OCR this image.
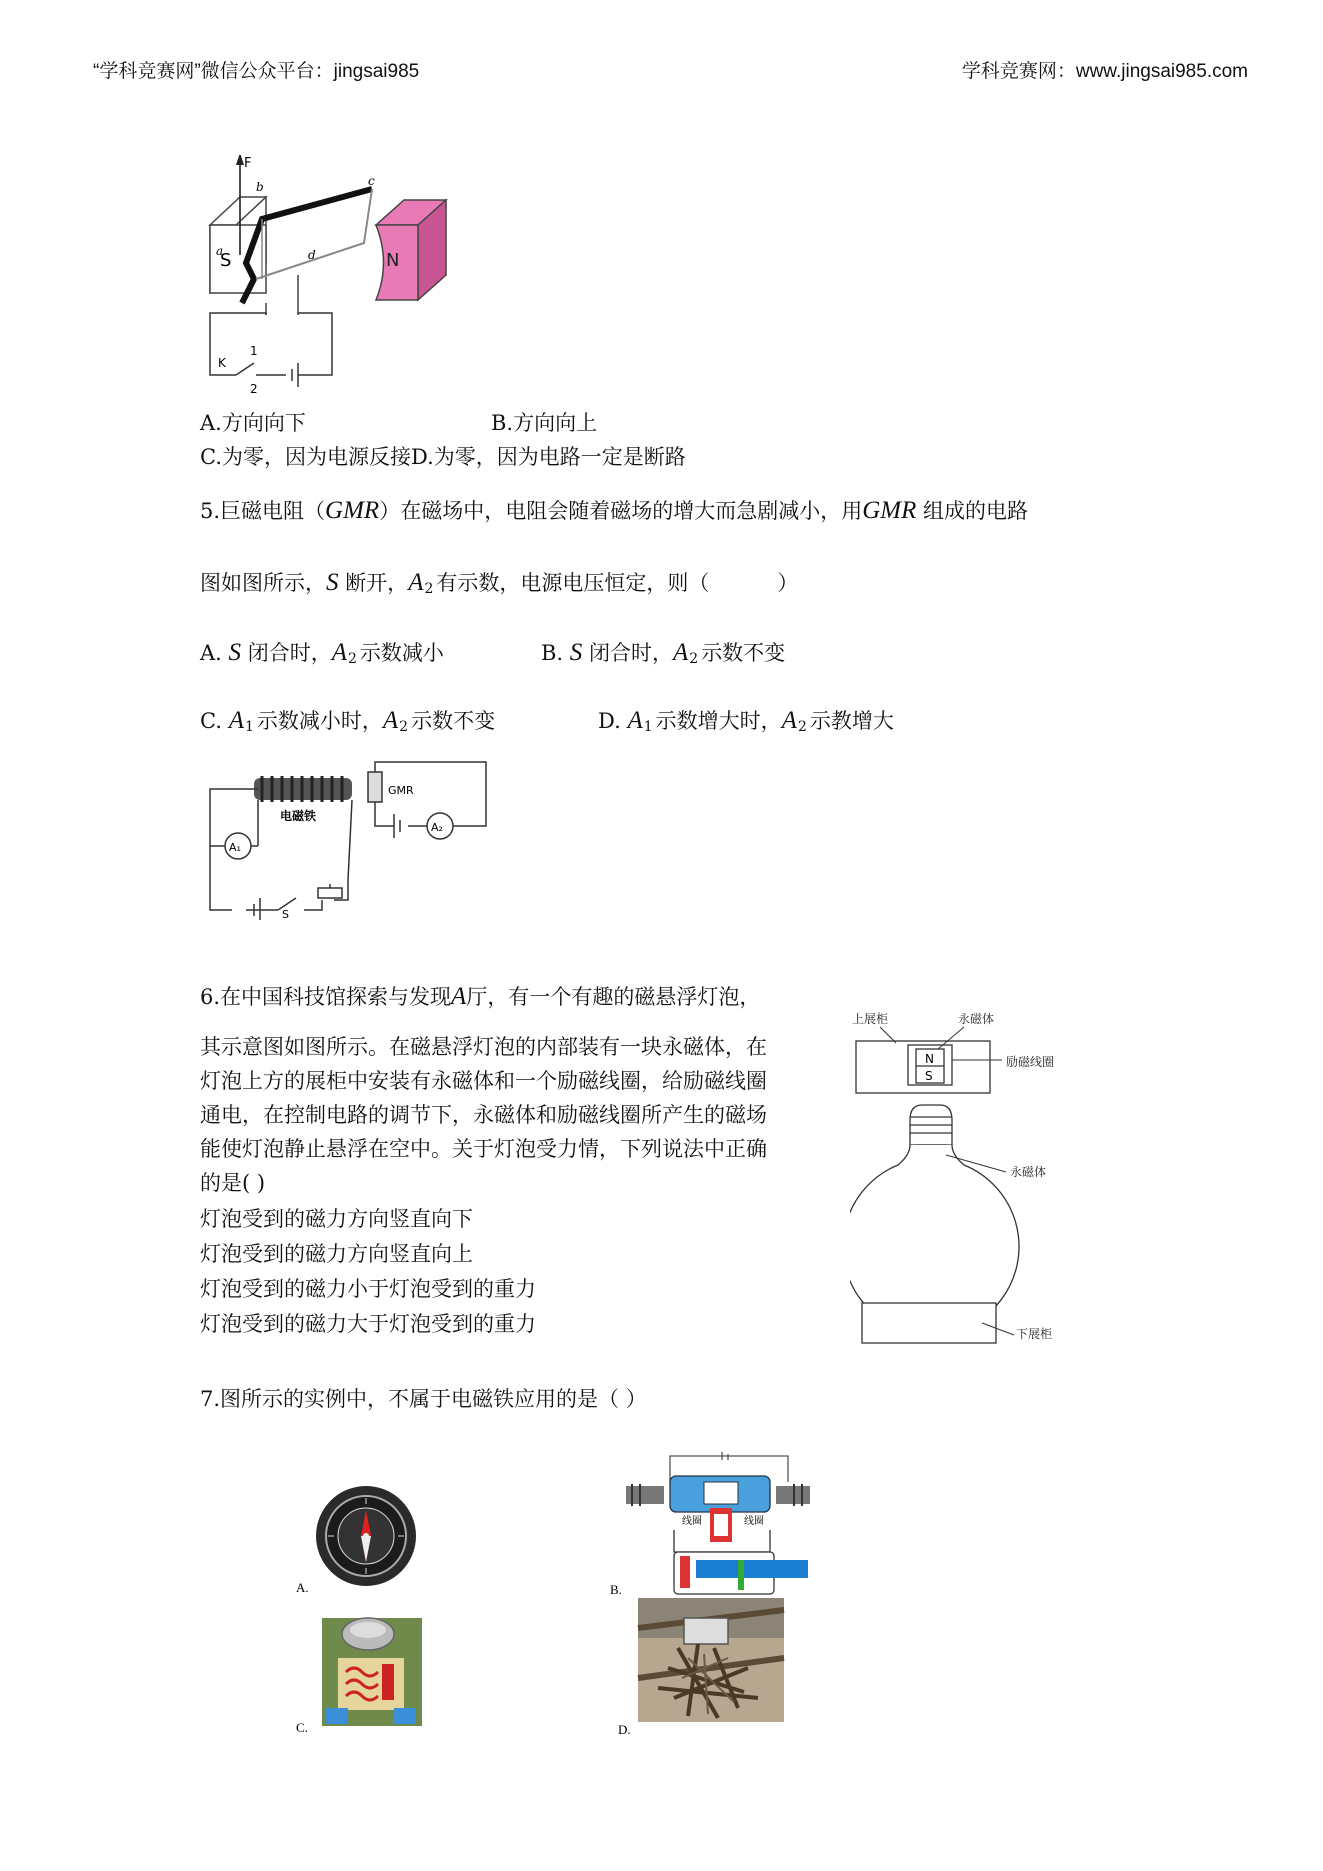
“学科竞赛网”微信公众平台：jingsai985	学科竞赛网：www.jingsai985.com
S	N
F
b	c
a	d
1
K
2
A.方向向下	B.方向向上
C.为零，因为电源反接D.为零，因为电路一定是断路
5.巨磁电阻（GMR）在磁场中，电阻会随着磁场的增大而急剧减小，用GMR 组成的电路
图如图所示，S 断开，$A_2$ 有示数，电源电压恒定，则（	）
A. S 闭合时，$A_2$ 示数减小	B. S 闭合时，$A_2$ 示数不变
C. $A_1$ 示数减小时，$A_2$ 示数不变	D. $A_1$ 示数增大时，$A_2$ 示教增大
电磁铁
GMR
A₂
A₁
S
6.在中国科技馆探索与发现A厅，有一个有趣的磁悬浮灯泡，
其示意图如图所示。在磁悬浮灯泡的内部装有一块永磁体，在
灯泡上方的展柜中安装有永磁体和一个励磁线圈，给励磁线圈
通电，在控制电路的调节下，永磁体和励磁线圈所产生的磁场
能使灯泡静止悬浮在空中。关于灯泡受力情，下列说法中正确
的是( )
灯泡受到的磁力方向竖直向下
灯泡受到的磁力方向竖直向上
灯泡受到的磁力小于灯泡受到的重力
灯泡受到的磁力大于灯泡受到的重力
上展柜	永磁体
励磁线圈
永磁体
下展柜
N
S
7.图所示的实例中，不属于电磁铁应用的是（ ）
A.	B.
线圈	线圈
C.	D.
